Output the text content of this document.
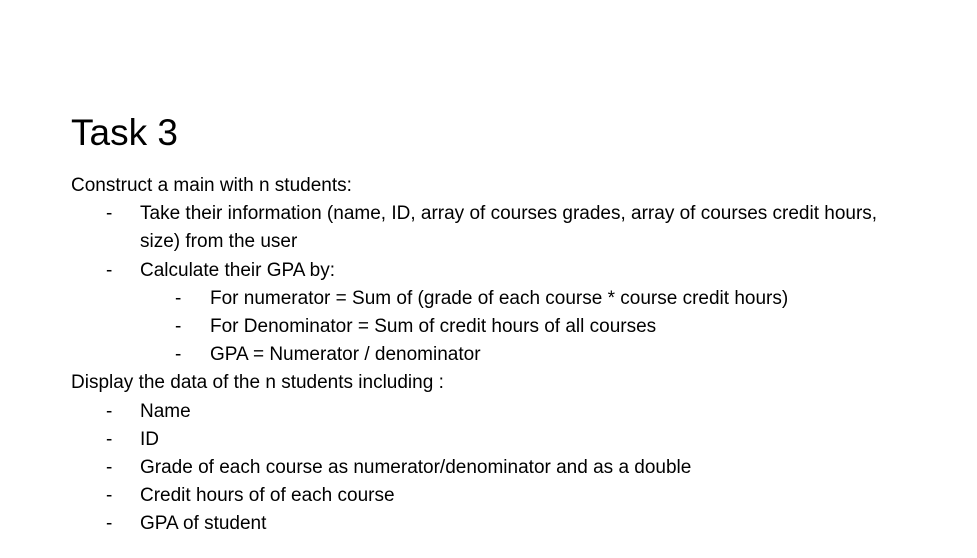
Task 3
Construct a main with n students:
- Take their information (name, ID, array of courses grades, array of courses credit hours,
size) from the user
- Calculate their GPA by:
- For numerator = Sum of (grade of each course * course credit hours)
- For Denominator = Sum of credit hours of all courses
- GPA = Numerator / denominator
Display the data of the n students including :
- Name
- ID
- Grade of each course as numerator/denominator and as a double
- Credit hours of of each course
- GPA of student
